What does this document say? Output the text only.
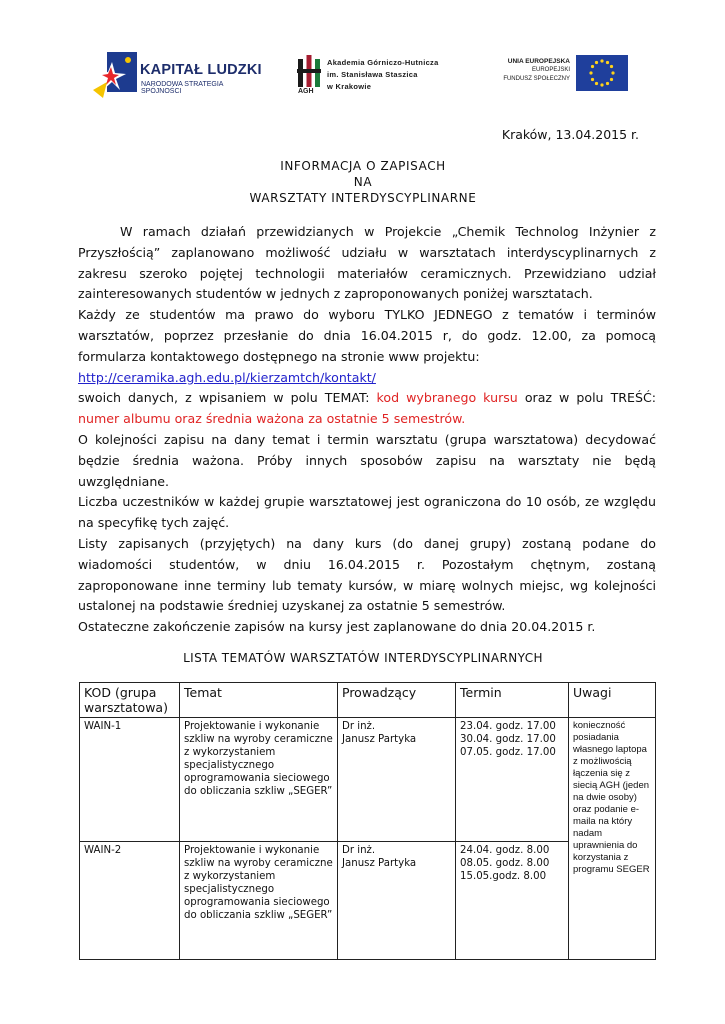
KAPITAŁ LUDZKI
NARODOWA STRATEGIA SPÓJNOŚCI	AGH
Akademia Górniczo-Hutnicza
im. Stanisława Staszica
w Krakowie
UNIA EUROPEJSKA
EUROPEJSKI
FUNDUSZ SPOŁECZNY
Kraków, 13.04.2015 r.
INFORMACJA O ZAPISACH
NA
WARSZTATY INTERDYSCYPLINARNE

W ramach działań przewidzianych w Projekcie „Chemik Technolog Inżynier z Przyszłością” zaplanowano możliwość udziału w warsztatach interdyscyplinarnych z zakresu szeroko pojętej technologii materiałów ceramicznych. Przewidziano udział zainteresowanych studentów w jednych z zaproponowanych poniżej warsztatach.

Każdy ze studentów ma prawo do wyboru TYLKO JEDNEGO z tematów i terminów warsztatów, poprzez przesłanie do dnia 16.04.2015 r, do godz. 12.00, za pomocą formularza kontaktowego dostępnego na stronie www projektu:
http://ceramika.agh.edu.pl/kierzamtch/kontakt/

swoich danych, z wpisaniem w polu TEMAT: kod wybranego kursu oraz w polu TREŚĆ: numer albumu oraz średnia ważona za ostatnie 5 semestrów.

O kolejności zapisu na dany temat i termin warsztatu (grupa warsztatowa) decydować będzie średnia ważona. Próby innych sposobów zapisu na warsztaty nie będą uwzględniane.

Liczba uczestników w każdej grupie warsztatowej jest ograniczona do 10 osób, ze względu na specyfikę tych zajęć.

Listy zapisanych (przyjętych) na dany kurs (do danej grupy) zostaną podane do wiadomości studentów, w dniu 16.04.2015 r. Pozostałym chętnym, zostaną zaproponowane inne terminy lub tematy kursów, w miarę wolnych miejsc, wg kolejności ustalonej na podstawie średniej uzyskanej za ostatnie 5 semestrów.

Ostateczne zakończenie zapisów na kursy jest zaplanowane do dnia 20.04.2015 r.

LISTA TEMATÓW WARSZTATÓW INTERDYSCYPLINARNYCH
KOD (grupa warsztatowa)	Temat	Prowadzący	Termin	Uwagi
WAIN-1	Projektowanie i wykonanie szkliw na wyroby ceramiczne z wykorzystaniem specjalistycznego oprogramowania sieciowego do obliczania szkliw „SEGER”	Dr inż.
Janusz Partyka	23.04. godz. 17.00
30.04. godz. 17.00
07.05. godz. 17.00	konieczność posiadania własnego laptopa z możliwością łączenia się z siecią AGH (jeden na dwie osoby) oraz podanie e-maila na który nadam uprawnienia do korzystania z programu SEGER
WAIN-2	Projektowanie i wykonanie szkliw na wyroby ceramiczne z wykorzystaniem specjalistycznego oprogramowania sieciowego do obliczania szkliw „SEGER”	Dr inż.
Janusz Partyka	24.04. godz. 8.00
08.05. godz. 8.00
15.05.godz. 8.00	
